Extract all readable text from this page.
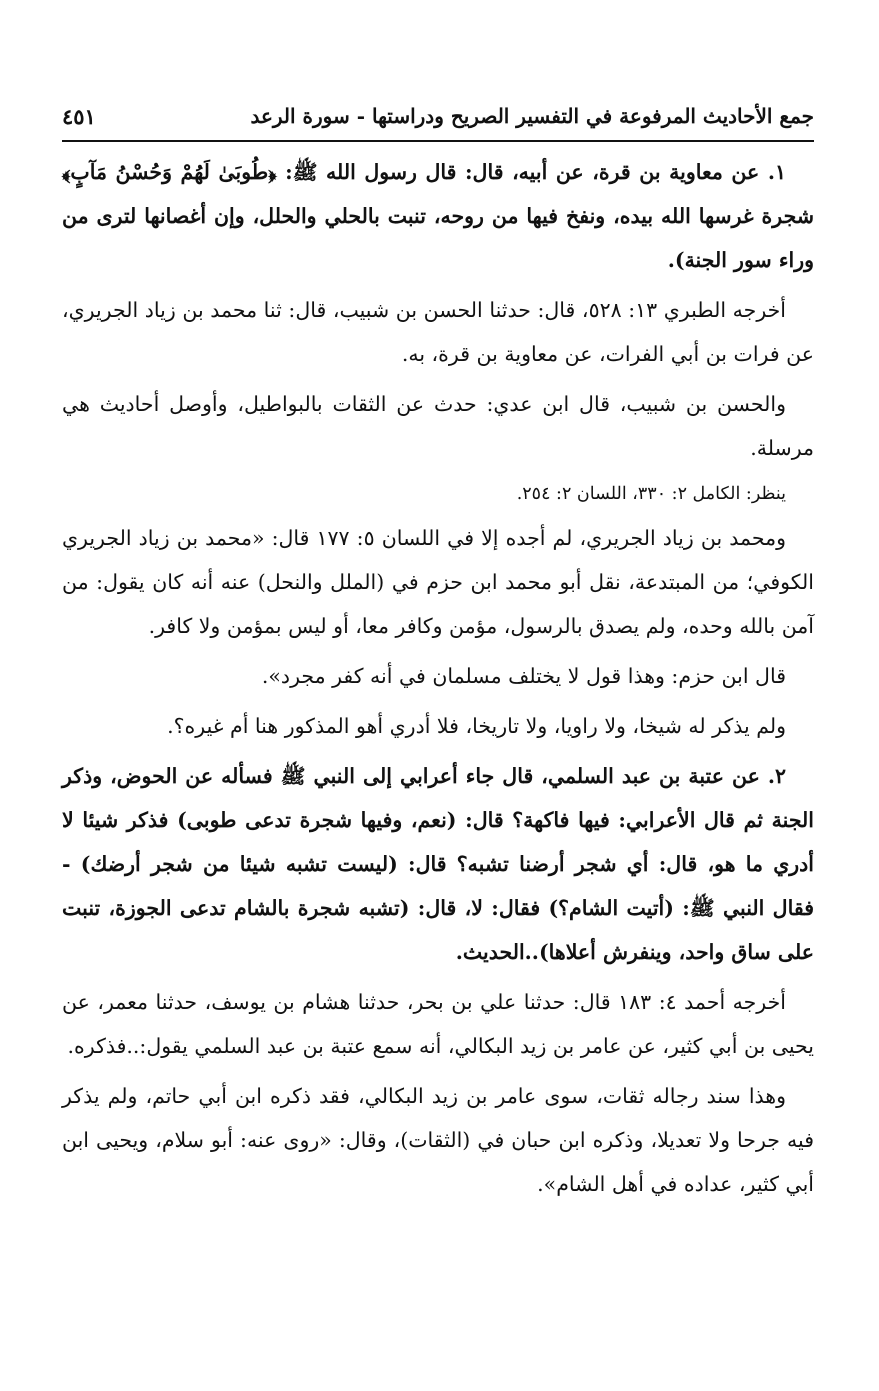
جمع الأحاديث المرفوعة في التفسير الصريح ودراستها - سورة الرعد
٤٥١

١. عن معاوية بن قرة، عن أبيه، قال: قال رسول الله ﷺ: ﴿طُوبَىٰ لَهُمْ وَحُسْنُ مَآبٍ﴾ شجرة غرسها الله بيده، ونفخ فيها من روحه، تنبت بالحلي والحلل، وإن أغصانها لترى من وراء سور الجنة).

أخرجه الطبري ١٣: ٥٢٨، قال: حدثنا الحسن بن شبيب، قال: ثنا محمد بن زياد الجريري، عن فرات بن أبي الفرات، عن معاوية بن قرة، به.

والحسن بن شبيب، قال ابن عدي: حدث عن الثقات بالبواطيل، وأوصل أحاديث هي مرسلة.

ينظر: الكامل ٢: ٣٣٠، اللسان ٢: ٢٥٤.

ومحمد بن زياد الجريري، لم أجده إلا في اللسان ٥: ١٧٧ قال: «محمد بن زياد الجريري الكوفي؛ من المبتدعة، نقل أبو محمد ابن حزم في (الملل والنحل) عنه أنه كان يقول: من آمن بالله وحده، ولم يصدق بالرسول، مؤمن وكافر معا، أو ليس بمؤمن ولا كافر.

قال ابن حزم: وهذا قول لا يختلف مسلمان في أنه كفر مجرد».

ولم يذكر له شيخا، ولا راويا، ولا تاريخا، فلا أدري أهو المذكور هنا أم غيره؟.

٢. عن عتبة بن عبد السلمي، قال جاء أعرابي إلى النبي ﷺ فسأله عن الحوض، وذكر الجنة ثم قال الأعرابي: فيها فاكهة؟ قال: (نعم، وفيها شجرة تدعى طوبى) فذكر شيئا لا أدري ما هو، قال: أي شجر أرضنا تشبه؟ قال: (ليست تشبه شيئا من شجر أرضك) - فقال النبي ﷺ: (أتيت الشام؟) فقال: لا، قال: (تشبه شجرة بالشام تدعى الجوزة، تنبت على ساق واحد، وينفرش أعلاها)..الحديث.

أخرجه أحمد ٤: ١٨٣ قال: حدثنا علي بن بحر، حدثنا هشام بن يوسف، حدثنا معمر، عن يحيى بن أبي كثير، عن عامر بن زيد البكالي، أنه سمع عتبة بن عبد السلمي يقول:..فذكره.

وهذا سند رجاله ثقات، سوى عامر بن زيد البكالي، فقد ذكره ابن أبي حاتم، ولم يذكر فيه جرحا ولا تعديلا، وذكره ابن حبان في (الثقات)، وقال: «روى عنه: أبو سلام، ويحيى ابن أبي كثير، عداده في أهل الشام».
